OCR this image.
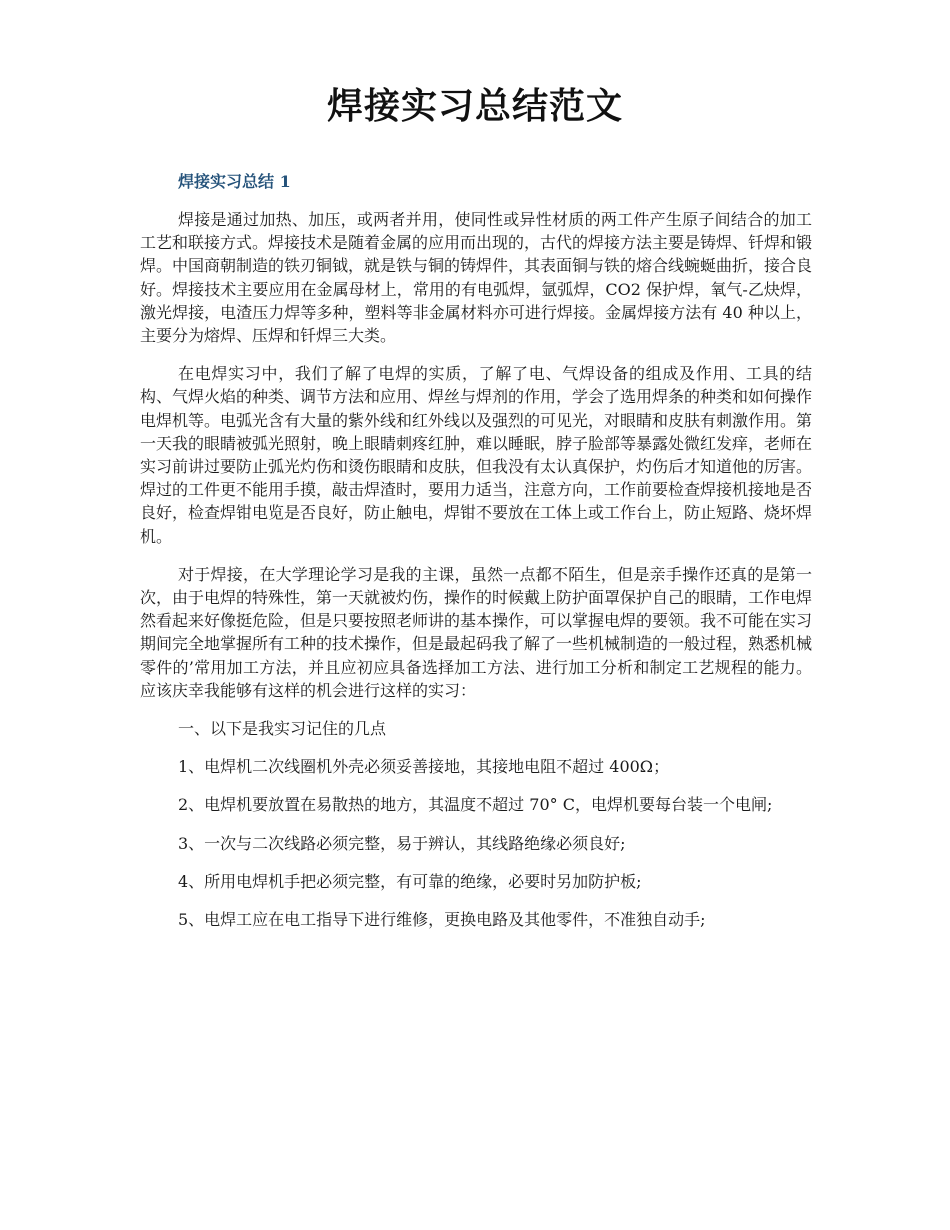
焊接实习总结范文

焊接实习总结 1

焊接是通过加热、加压，或两者并用，使同性或异性材质的两工件产生原子间结合的加工工艺和联接方式。焊接技术是随着金属的应用而出现的，古代的焊接方法主要是铸焊、钎焊和锻焊。中国商朝制造的铁刃铜钺，就是铁与铜的铸焊件，其表面铜与铁的熔合线蜿蜒曲折，接合良好。焊接技术主要应用在金属母材上，常用的有电弧焊，氩弧焊，CO2 保护焊，氧气-乙炔焊，激光焊接，电渣压力焊等多种，塑料等非金属材料亦可进行焊接。金属焊接方法有 40 种以上，主要分为熔焊、压焊和钎焊三大类。

在电焊实习中，我们了解了电焊的实质，了解了电、气焊设备的组成及作用、工具的结构、气焊火焰的种类、调节方法和应用、焊丝与焊剂的作用，学会了选用焊条的种类和如何操作电焊机等。电弧光含有大量的紫外线和红外线以及强烈的可见光，对眼睛和皮肤有刺激作用。第一天我的眼睛被弧光照射，晚上眼睛刺疼红肿，难以睡眠，脖子脸部等暴露处微红发痒，老师在实习前讲过要防止弧光灼伤和烫伤眼睛和皮肤，但我没有太认真保护，灼伤后才知道他的厉害。焊过的工件更不能用手摸，敲击焊渣时，要用力适当，注意方向，工作前要检查焊接机接地是否良好，检查焊钳电览是否良好，防止触电，焊钳不要放在工体上或工作台上，防止短路、烧坏焊机。

对于焊接，在大学理论学习是我的主课，虽然一点都不陌生，但是亲手操作还真的是第一次，由于电焊的特殊性，第一天就被灼伤，操作的时候戴上防护面罩保护自己的眼睛，工作电焊然看起来好像挺危险，但是只要按照老师讲的基本操作，可以掌握电焊的要领。我不可能在实习期间完全地掌握所有工种的技术操作，但是最起码我了解了一些机械制造的一般过程，熟悉机械零件的’常用加工方法，并且应初应具备选择加工方法、进行加工分析和制定工艺规程的能力。应该庆幸我能够有这样的机会进行这样的实习：

一、以下是我实习记住的几点

1、电焊机二次线圈机外壳必须妥善接地，其接地电阻不超过 400Ω；

2、电焊机要放置在易散热的地方，其温度不超过 70° C，电焊机要每台装一个电闸;

3、一次与二次线路必须完整，易于辨认，其线路绝缘必须良好;

4、所用电焊机手把必须完整，有可靠的绝缘，必要时另加防护板;

5、电焊工应在电工指导下进行维修，更换电路及其他零件，不准独自动手;
